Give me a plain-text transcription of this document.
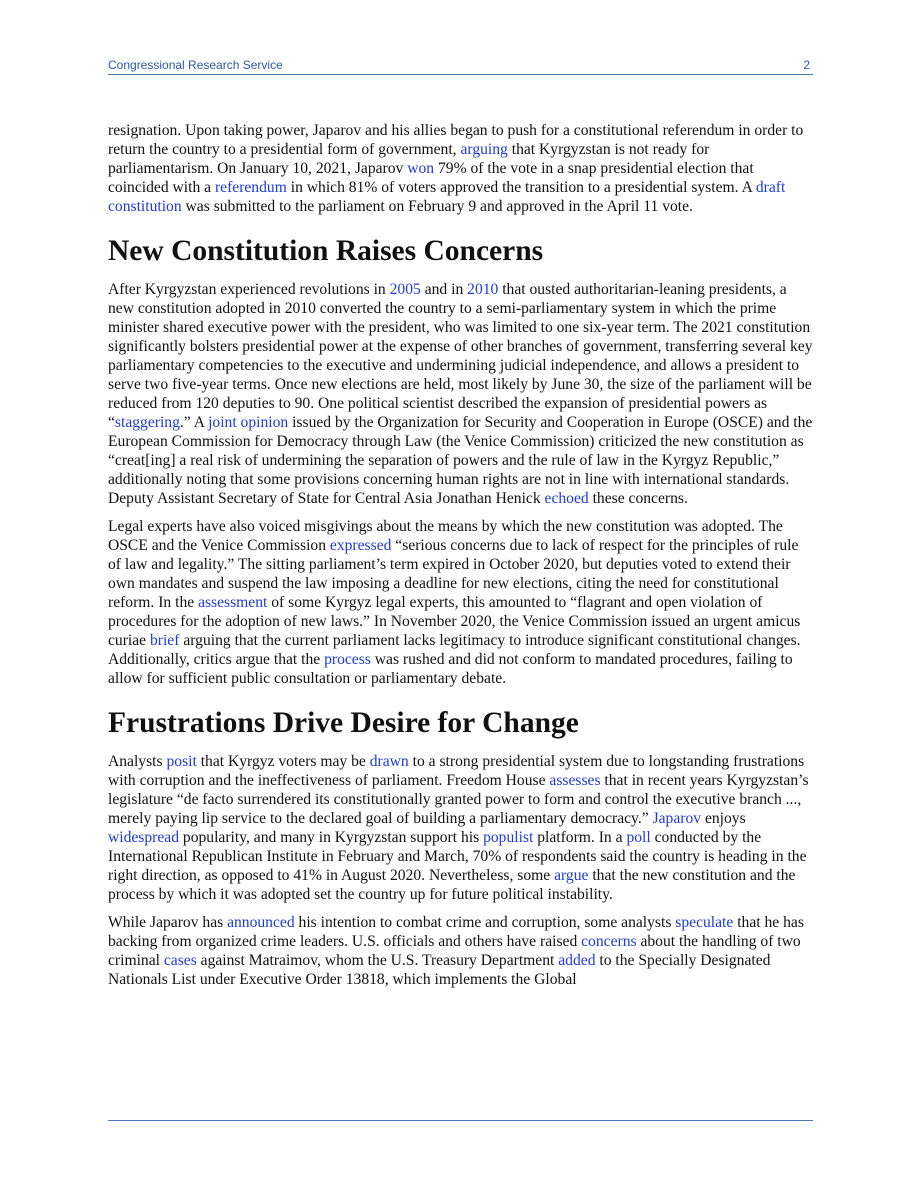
Congressional Research Service	2

resignation. Upon taking power, Japarov and his allies began to push for a constitutional referendum in order to return the country to a presidential form of government, arguing that Kyrgyzstan is not ready for parliamentarism. On January 10, 2021, Japarov won 79% of the vote in a snap presidential election that coincided with a referendum in which 81% of voters approved the transition to a presidential system. A draft constitution was submitted to the parliament on February 9 and approved in the April 11 vote.

New Constitution Raises Concerns

After Kyrgyzstan experienced revolutions in 2005 and in 2010 that ousted authoritarian-leaning presidents, a new constitution adopted in 2010 converted the country to a semi-parliamentary system in which the prime minister shared executive power with the president, who was limited to one six-year term. The 2021 constitution significantly bolsters presidential power at the expense of other branches of government, transferring several key parliamentary competencies to the executive and undermining judicial independence, and allows a president to serve two five-year terms. Once new elections are held, most likely by June 30, the size of the parliament will be reduced from 120 deputies to 90. One political scientist described the expansion of presidential powers as “staggering.” A joint opinion issued by the Organization for Security and Cooperation in Europe (OSCE) and the European Commission for Democracy through Law (the Venice Commission) criticized the new constitution as “creat[ing] a real risk of undermining the separation of powers and the rule of law in the Kyrgyz Republic,” additionally noting that some provisions concerning human rights are not in line with international standards. Deputy Assistant Secretary of State for Central Asia Jonathan Henick echoed these concerns.

Legal experts have also voiced misgivings about the means by which the new constitution was adopted. The OSCE and the Venice Commission expressed “serious concerns due to lack of respect for the principles of rule of law and legality.” The sitting parliament’s term expired in October 2020, but deputies voted to extend their own mandates and suspend the law imposing a deadline for new elections, citing the need for constitutional reform. In the assessment of some Kyrgyz legal experts, this amounted to “flagrant and open violation of procedures for the adoption of new laws.” In November 2020, the Venice Commission issued an urgent amicus curiae brief arguing that the current parliament lacks legitimacy to introduce significant constitutional changes. Additionally, critics argue that the process was rushed and did not conform to mandated procedures, failing to allow for sufficient public consultation or parliamentary debate.

Frustrations Drive Desire for Change

Analysts posit that Kyrgyz voters may be drawn to a strong presidential system due to longstanding frustrations with corruption and the ineffectiveness of parliament. Freedom House assesses that in recent years Kyrgyzstan’s legislature “de facto surrendered its constitutionally granted power to form and control the executive branch ..., merely paying lip service to the declared goal of building a parliamentary democracy.” Japarov enjoys widespread popularity, and many in Kyrgyzstan support his populist platform. In a poll conducted by the International Republican Institute in February and March, 70% of respondents said the country is heading in the right direction, as opposed to 41% in August 2020. Nevertheless, some argue that the new constitution and the process by which it was adopted set the country up for future political instability.

While Japarov has announced his intention to combat crime and corruption, some analysts speculate that he has backing from organized crime leaders. U.S. officials and others have raised concerns about the handling of two criminal cases against Matraimov, whom the U.S. Treasury Department added to the Specially Designated Nationals List under Executive Order 13818, which implements the Global
